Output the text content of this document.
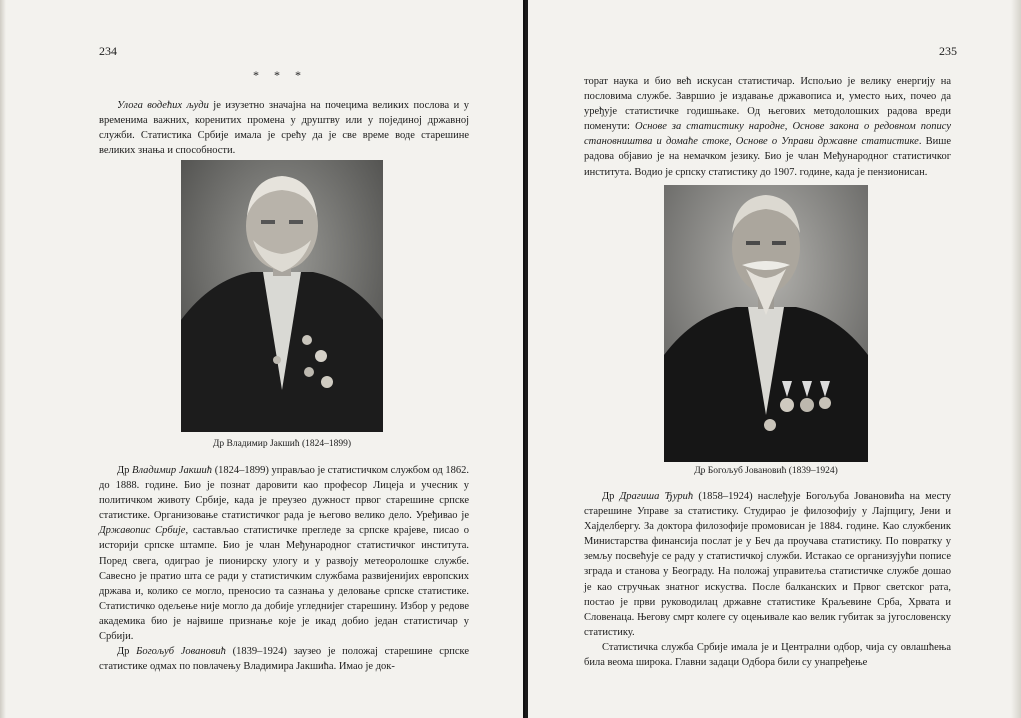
234
* * *

Улога водећих људи је изузетно значајна на почецима великих послова и у временима важних, коренитих промена у друштву или у појединој државној служби. Статистика Србије имала је срећу да је све време воде старешине великих знања и способности.

Др Владимир Јакшић (1824–1899)

Др Владимир Јакшић (1824–1899) управљао је статистичком службом од 1862. до 1888. године. Био је познат даровити као професор Лицеја и учесник у политичком животу Србије, када је преузео дужност првог старешине српске статистике. Организовање статистичког рада је његово велико дело. Уређивао је Државопис Србије, састављао статистичке прегледе за српске крајеве, писао о историји српске штампе. Био је члан Међународног статистичког института. Поред свега, одиграо је пионирску улогу и у развоју метеоролошке службе. Савесно је пратио шта се ради у статистичким службама развијенијих европских држава и, колико се могло, преносио та сазнања у деловање српске статистике. Статистичко одељење није могло да добије угледнијег старешину. Избор у редове академика био је највише признање које је икад добио један статистичар у Србији.

Др Богољуб Јовановић (1839–1924) заузео је положај старешине српске статистике одмах по повлачењу Владимира Јакшића. Имао је док-

235

торат наука и био већ искусан статистичар. Испољио је велику енергију на пословима службе. Завршио је издавање државописа и, уместо њих, почео да уређује статистичке годишњаке. Од његових методолошких радова вреди поменути: Основе за статистику народне, Основе закона о редовном попису становништва и домаће стоке, Основе о Управи државне статистике. Више радова објавио је на немачком језику. Био је члан Међународног статистичког института. Водио је српску статистику до 1907. године, када је пензионисан.

Др Богољуб Јовановић (1839–1924)

Др Драгиша Ђурић (1858–1924) наслеђује Богољуба Јовановића на месту старешине Управе за статистику. Студирао је филозофију у Лајпцигу, Јени и Хајделбергу. За доктора филозофије промовисан је 1884. године. Као службеник Министарства финансија послат је у Беч да проучава статистику. По повратку у земљу посвећује се раду у статистичкој служби. Истакао се организујући пописе зграда и станова у Београду. На положај управитеља статистичке службе дошао је као стручњак знатног искуства. После балканских и Првог светског рата, постао је први руководилац државне статистике Краљевине Срба, Хрвата и Словенаца. Његову смрт колеге су оцењивале као велик губитак за југословенску статистику.

Статистичка служба Србије имала је и Централни одбор, чија су овлашћења била веома широка. Главни задаци Одбора били су унапређење
